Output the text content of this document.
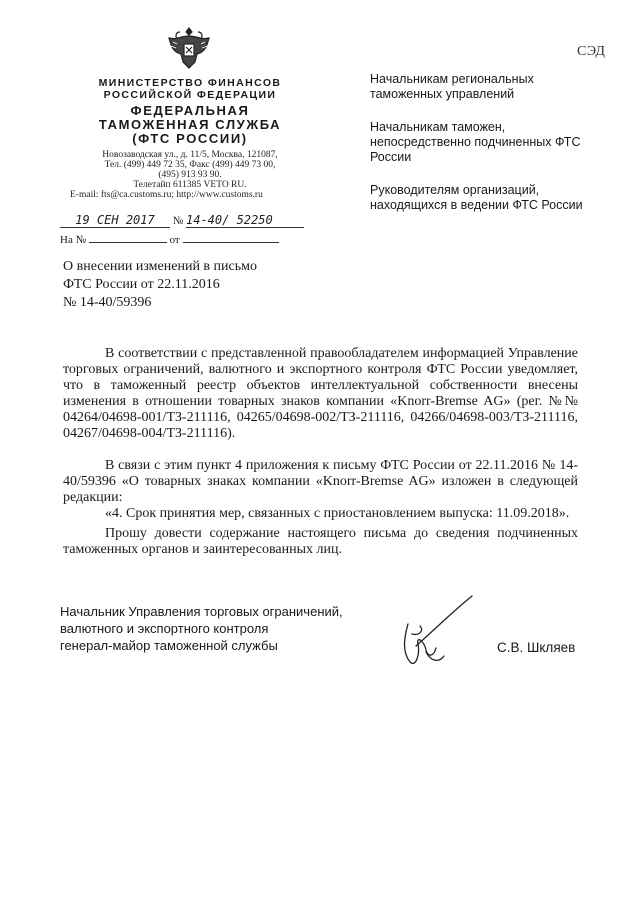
СЭД
МИНИСТЕРСТВО ФИНАНСОВ
РОССИЙСКОЙ ФЕДЕРАЦИИ
ФЕДЕРАЛЬНАЯ
ТАМОЖЕННАЯ СЛУЖБА
(ФТС РОССИИ)
Новозаводская ул., д. 11/5, Москва, 121087,
Тел. (499) 449 72 35, Факс (499) 449 73 00,
(495) 913 93 90.
Телетайп 611385 VETO RU.
E-mail: fts@ca.customs.ru; http://www.customs.ru
19 СЕН 2017 № 14-40/ 52250
На №	от
Начальникам региональных таможенных управлений
Начальникам таможен, непосредственно подчиненных ФТС России
Руководителям организаций, находящихся в ведении ФТС России
О внесении изменений в письмо
ФТС России от 22.11.2016
№ 14-40/59396
В соответствии с представленной правообладателем информацией Управление торговых ограничений, валютного и экспортного контроля ФТС России уведомляет, что в таможенный реестр объектов интеллектуальной собственности внесены изменения в отношении товарных знаков компании «Knorr-Bremse AG» (рег. №№ 04264/04698-001/ТЗ-211116, 04265/04698-002/ТЗ-211116, 04266/04698-003/ТЗ-211116, 04267/04698-004/ТЗ-211116).
В связи с этим пункт 4 приложения к письму ФТС России от 22.11.2016 № 14-40/59396 «О товарных знаках компании «Knorr-Bremse AG» изложен в следующей редакции:
«4. Срок принятия мер, связанных с приостановлением выпуска: 11.09.2018».
Прошу довести содержание настоящего письма до сведения подчиненных таможенных органов и заинтересованных лиц.
Начальник Управления торговых ограничений,
валютного и экспортного контроля
генерал-майор таможенной службы	С.В. Шкляев
